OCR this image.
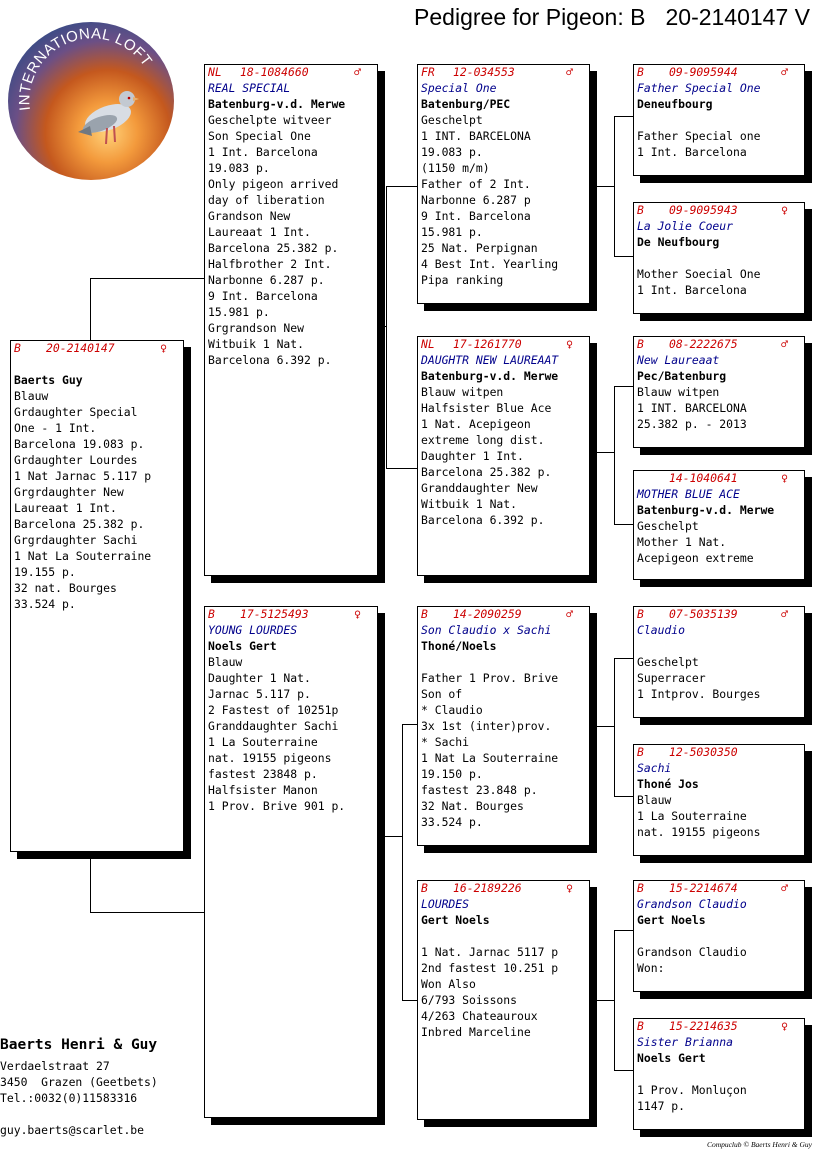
Pedigree for Pigeon: B 20-2140147 V
INTERNATIONAL LOFT
B 20-2140147	♀
Baerts Guy
Blauw
Grdaughter Special
One - 1 Int.
Barcelona 19.083 p.
Grdaughter Lourdes
1 Nat Jarnac 5.117 p
Grgrdaughter New
Laureaat 1 Int.
Barcelona 25.382 p.
Grgrdaughter Sachi
1 Nat La Souterraine
19.155 p.
32 nat. Bourges
33.524 p.
NL 18-1084660	♂
REAL SPECIAL
Batenburg-v.d. Merwe
Geschelpte witveer
Son Special One
1 Int. Barcelona
19.083 p.
Only pigeon arrived
day of liberation
Grandson New
Laureaat 1 Int.
Barcelona 25.382 p.
Halfbrother 2 Int.
Narbonne 6.287 p.
9 Int. Barcelona
15.981 p.
Grgrandson New
Witbuik 1 Nat.
Barcelona 6.392 p.
B 17-5125493	♀
YOUNG LOURDES
Noels Gert
Blauw
Daughter 1 Nat.
Jarnac 5.117 p.
2 Fastest of 10251p
Granddaughter Sachi
1 La Souterraine
nat. 19155 pigeons
fastest 23848 p.
Halfsister Manon
1 Prov. Brive 901 p.
FR 12-034553	♂
Special One
Batenburg/PEC
Geschelpt
1 INT. BARCELONA
19.083 p.
(1150 m/m)
Father of 2 Int.
Narbonne 6.287 p
9 Int. Barcelona
15.981 p.
25 Nat. Perpignan
4 Best Int. Yearling
Pipa ranking
NL 17-1261770	♀
DAUGHTR NEW LAUREAAT
Batenburg-v.d. Merwe
Blauw witpen
Halfsister Blue Ace
1 Nat. Acepigeon
extreme long dist.
Daughter 1 Int.
Barcelona 25.382 p.
Granddaughter New
Witbuik 1 Nat.
Barcelona 6.392 p.
B 14-2090259	♂
Son Claudio x Sachi
Thoné/Noels
Father 1 Prov. Brive
Son of
* Claudio
3x 1st (inter)prov.
* Sachi
1 Nat La Souterraine
19.150 p.
fastest 23.848 p.
32 Nat. Bourges
33.524 p.
B 16-2189226	♀
LOURDES
Gert Noels
1 Nat. Jarnac 5117 p
2nd fastest 10.251 p
Won Also
6/793 Soissons
4/263 Chateauroux
Inbred Marceline
B 09-9095944	♂
Father Special One
Deneufbourg
Father Special one
1 Int. Barcelona
B 09-9095943	♀
La Jolie Coeur
De Neufbourg
Mother Soecial One
1 Int. Barcelona
B 08-2222675	♂
New Laureaat
Pec/Batenburg
Blauw witpen
1 INT. BARCELONA
25.382 p. - 2013
14-1040641	♀
MOTHER BLUE ACE
Batenburg-v.d. Merwe
Geschelpt
Mother 1 Nat.
Acepigeon extreme
B 07-5035139	♂
Claudio
Geschelpt
Superracer
1 Intprov. Bourges
B 12-5030350
Sachi
Thoné Jos
Blauw
1 La Souterraine
nat. 19155 pigeons
B 15-2214674	♂
Grandson Claudio
Gert Noels
Grandson Claudio
Won:
B 15-2214635	♀
Sister Brianna
Noels Gert
1 Prov. Monluçon
1147 p.
Baerts Henri & Guy
Verdaelstraat 27
3450  Grazen (Geetbets)
Tel.:0032(0)11583316
guy.baerts@scarlet.be
Compuclub © Baerts Henri & Guy
